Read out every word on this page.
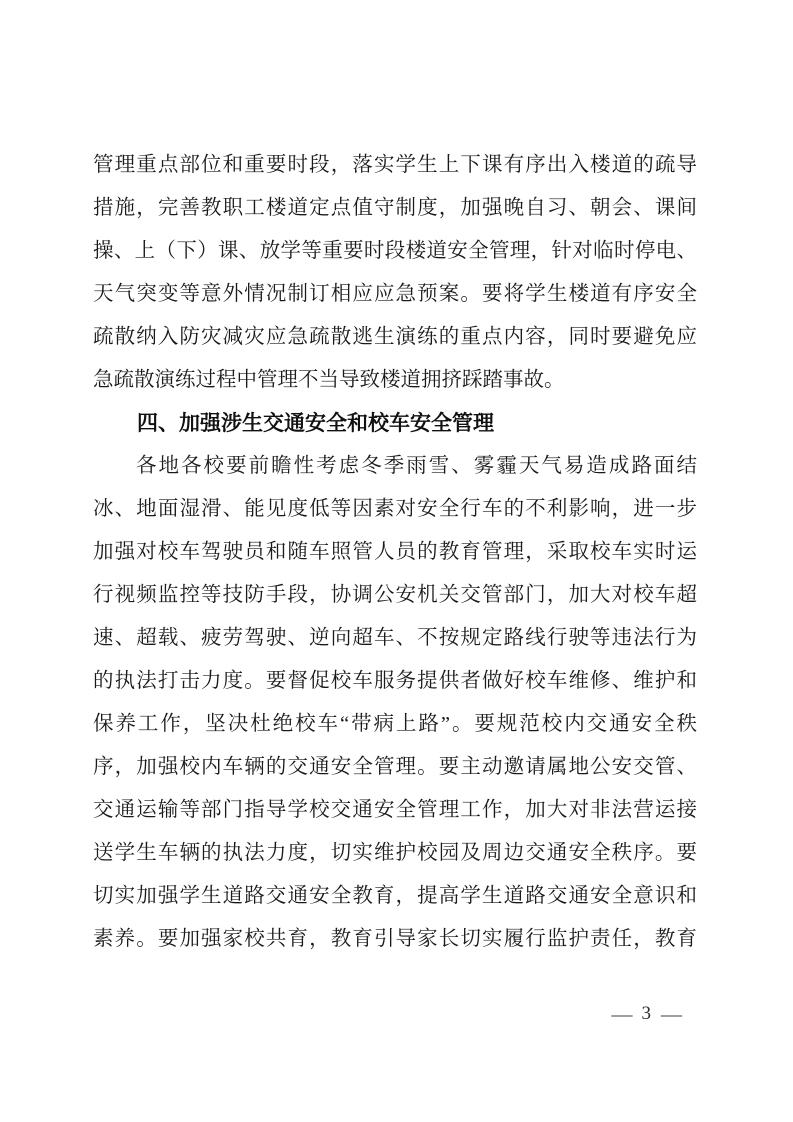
管理重点部位和重要时段，落实学生上下课有序出入楼道的疏导
措施，完善教职工楼道定点值守制度，加强晚自习、朝会、课间
操、上（下）课、放学等重要时段楼道安全管理，针对临时停电、
天气突变等意外情况制订相应应急预案。要将学生楼道有序安全
疏散纳入防灾减灾应急疏散逃生演练的重点内容，同时要避免应
急疏散演练过程中管理不当导致楼道拥挤踩踏事故。
四、加强涉生交通安全和校车安全管理
各地各校要前瞻性考虑冬季雨雪、雾霾天气易造成路面结
冰、地面湿滑、能见度低等因素对安全行车的不利影响，进一步
加强对校车驾驶员和随车照管人员的教育管理，采取校车实时运
行视频监控等技防手段，协调公安机关交管部门，加大对校车超
速、超载、疲劳驾驶、逆向超车、不按规定路线行驶等违法行为
的执法打击力度。要督促校车服务提供者做好校车维修、维护和
保养工作，坚决杜绝校车“带病上路”。要规范校内交通安全秩
序，加强校内车辆的交通安全管理。要主动邀请属地公安交管、
交通运输等部门指导学校交通安全管理工作，加大对非法营运接
送学生车辆的执法力度，切实维护校园及周边交通安全秩序。要
切实加强学生道路交通安全教育，提高学生道路交通安全意识和
素养。要加强家校共育，教育引导家长切实履行监护责任，教育
— 3 —
